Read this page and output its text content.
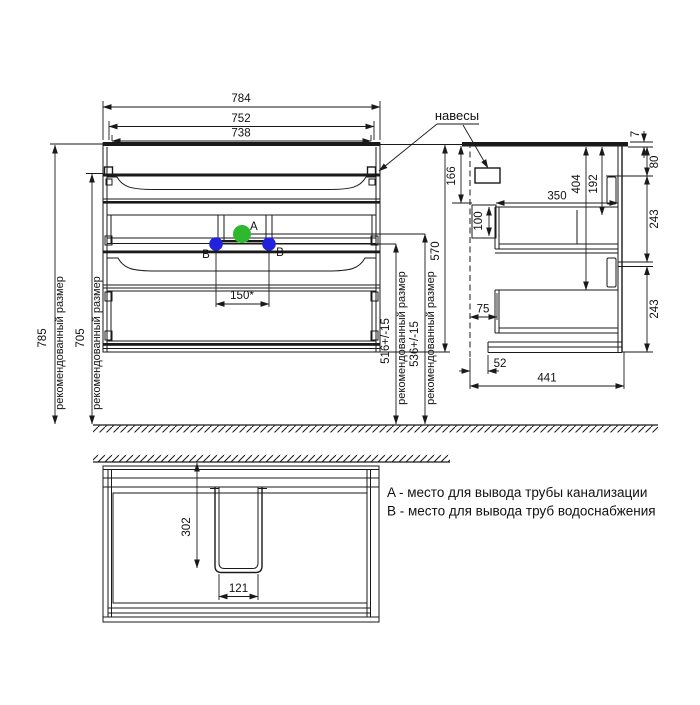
A
B	B
150*
784
752
738
785 рекомендованный размер 705 рекомендованный размер	516+/-15 рекомендованный размер 536+/-15 рекомендованный размер
570
навесы
166
100
350
404 192
7
80
243
243
75
52
441
302
121
A - место для вывода трубы канализации
B - место для вывода труб водоснабжения
